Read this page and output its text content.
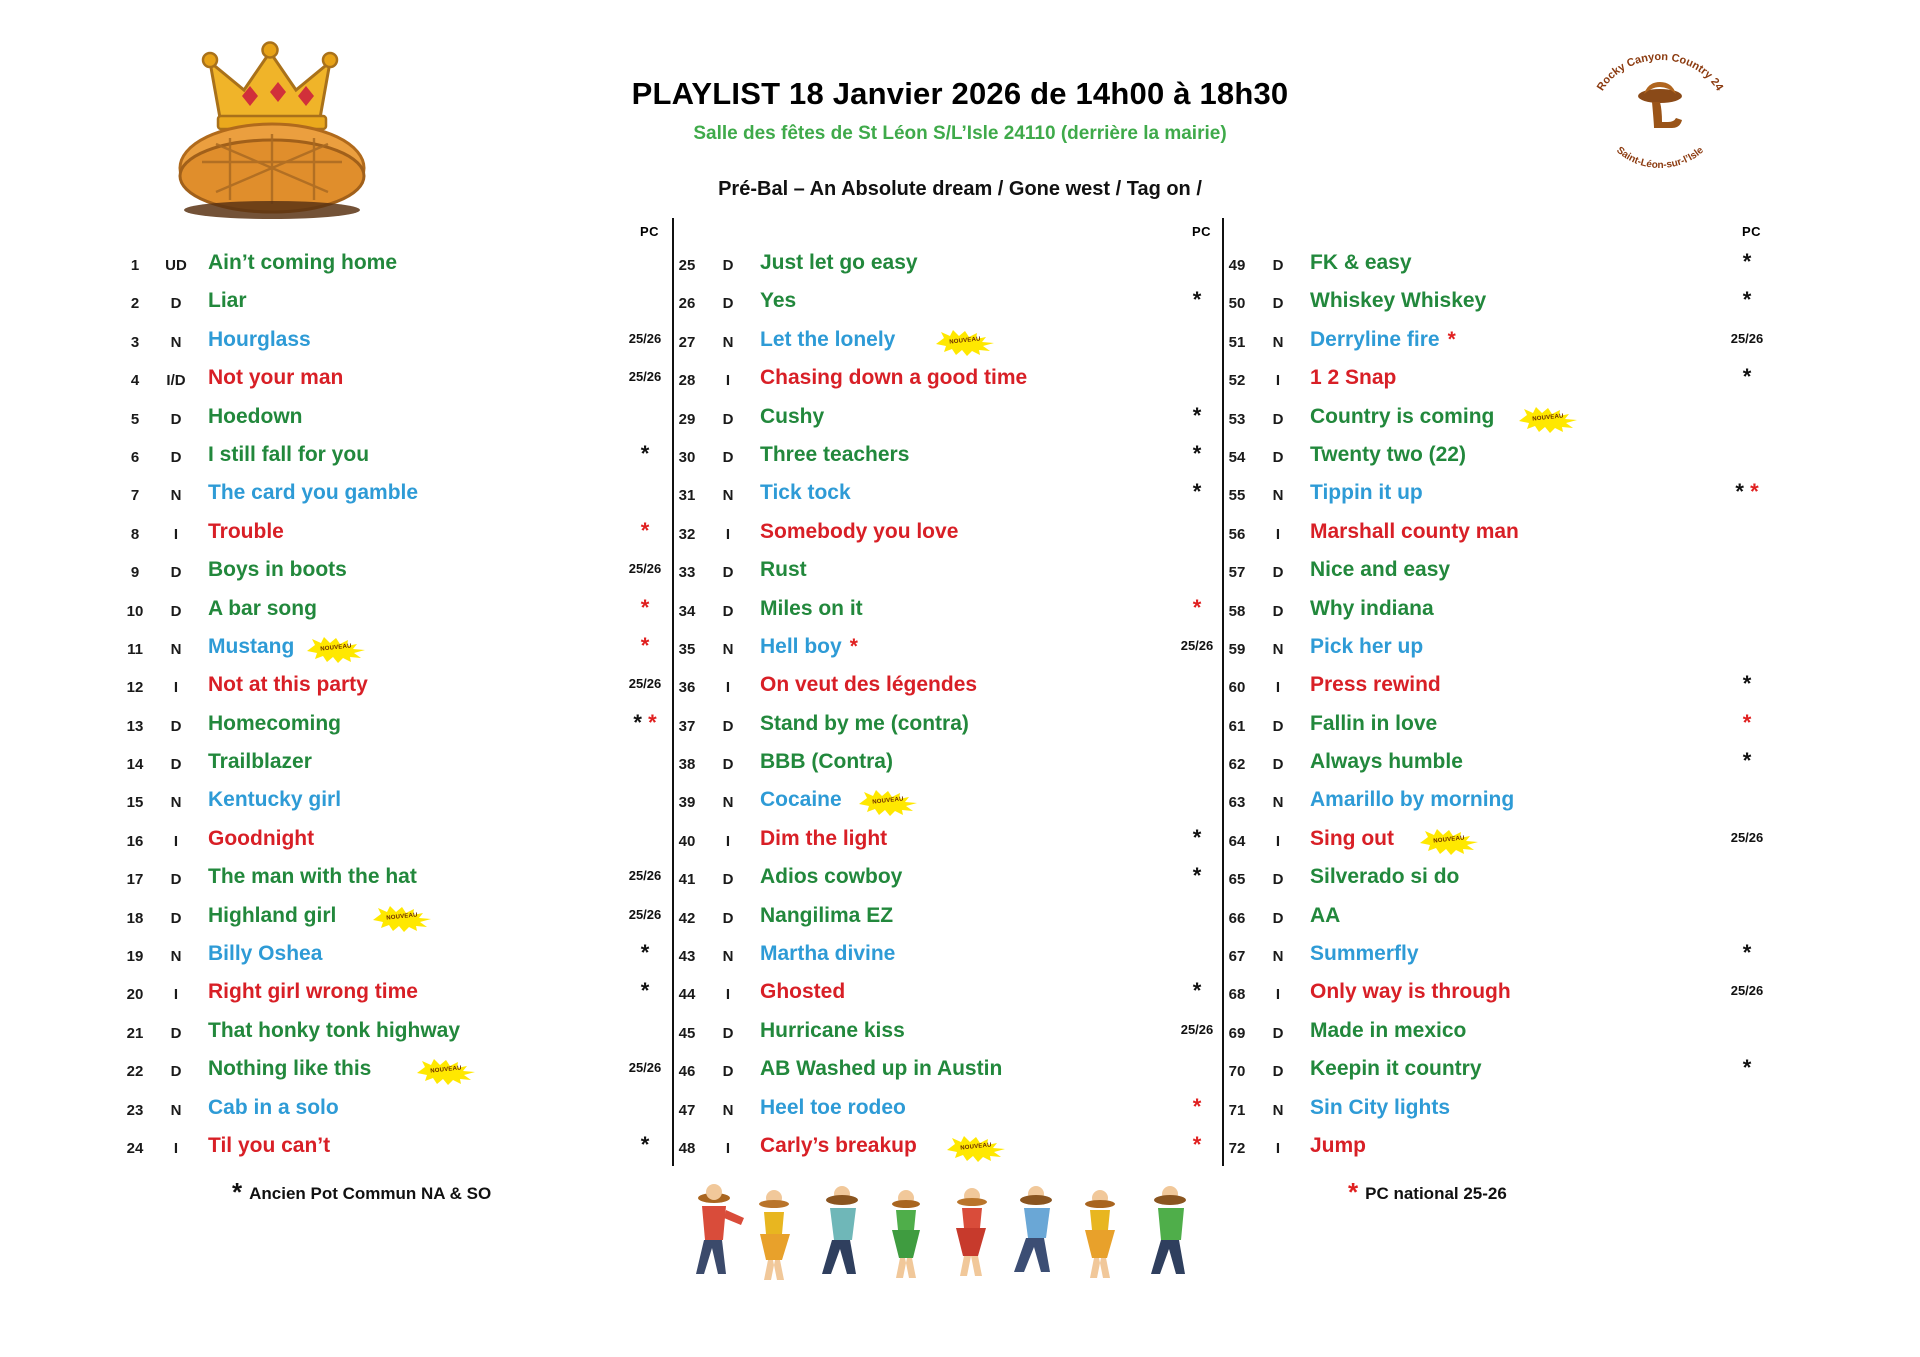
PLAYLIST 18 Janvier 2026 de 14h00 à 18h30
Salle des fêtes de St Léon S/L’Isle 24110 (derrière la mairie)
Pré-Bal – An Absolute dream / Gone west / Tag on /
Rocky Canyon Country 24
Saint-Léon-sur-l’Isle
PC
1	UD	Ain’t coming home
2	D	Liar
3	N	Hourglass	25/26
4	I/D	Not your man	25/26
5	D	Hoedown
6	D	I still fall for you	*
7	N	The card you gamble
8	I	Trouble	*
9	D	Boys in boots	25/26
10	D	A bar song	*
11	N	Mustang	NOUVEAU	*
12	I	Not at this party	25/26
13	D	Homecoming	* *
14	D	Trailblazer
15	N	Kentucky girl
16	I	Goodnight
17	D	The man with the hat	25/26
18	D	Highland girl	NOUVEAU	25/26
19	N	Billy Oshea	*
20	I	Right girl wrong time	*
21	D	That honky tonk highway
22	D	Nothing like this	NOUVEAU	25/26
23	N	Cab in a solo
24	I	Til you can’t	*
PC
25	D	Just let go easy
26	D	Yes	*
27	N	Let the lonely	NOUVEAU
28	I	Chasing down a good time
29	D	Cushy	*
30	D	Three teachers	*
31	N	Tick tock	*
32	I	Somebody you love
33	D	Rust
34	D	Miles on it	*
35	N	Hell boy *	25/26
36	I	On veut des légendes
37	D	Stand by me (contra)
38	D	BBB (Contra)
39	N	Cocaine	NOUVEAU
40	I	Dim the light	*
41	D	Adios cowboy	*
42	D	Nangilima EZ
43	N	Martha divine
44	I	Ghosted	*
45	D	Hurricane kiss	25/26
46	D	AB Washed up in Austin
47	N	Heel toe rodeo	*
48	I	Carly’s breakup	NOUVEAU	*
PC
49	D	FK & easy	*
50	D	Whiskey Whiskey	*
51	N	Derryline fire *	25/26
52	I	1 2 Snap	*
53	D	Country is coming	NOUVEAU
54	D	Twenty two (22)
55	N	Tippin it up	* *
56	I	Marshall county man
57	D	Nice and easy
58	D	Why indiana
59	N	Pick her up
60	I	Press rewind	*
61	D	Fallin in love	*
62	D	Always humble	*
63	N	Amarillo by morning
64	I	Sing out	NOUVEAU	25/26
65	D	Silverado si do
66	D	AA
67	N	Summerfly	*
68	I	Only way is through	25/26
69	D	Made in mexico
70	D	Keepin it country	*
71	N	Sin City lights
72	I	Jump
* Ancien Pot Commun NA & SO	* PC national 25-26
